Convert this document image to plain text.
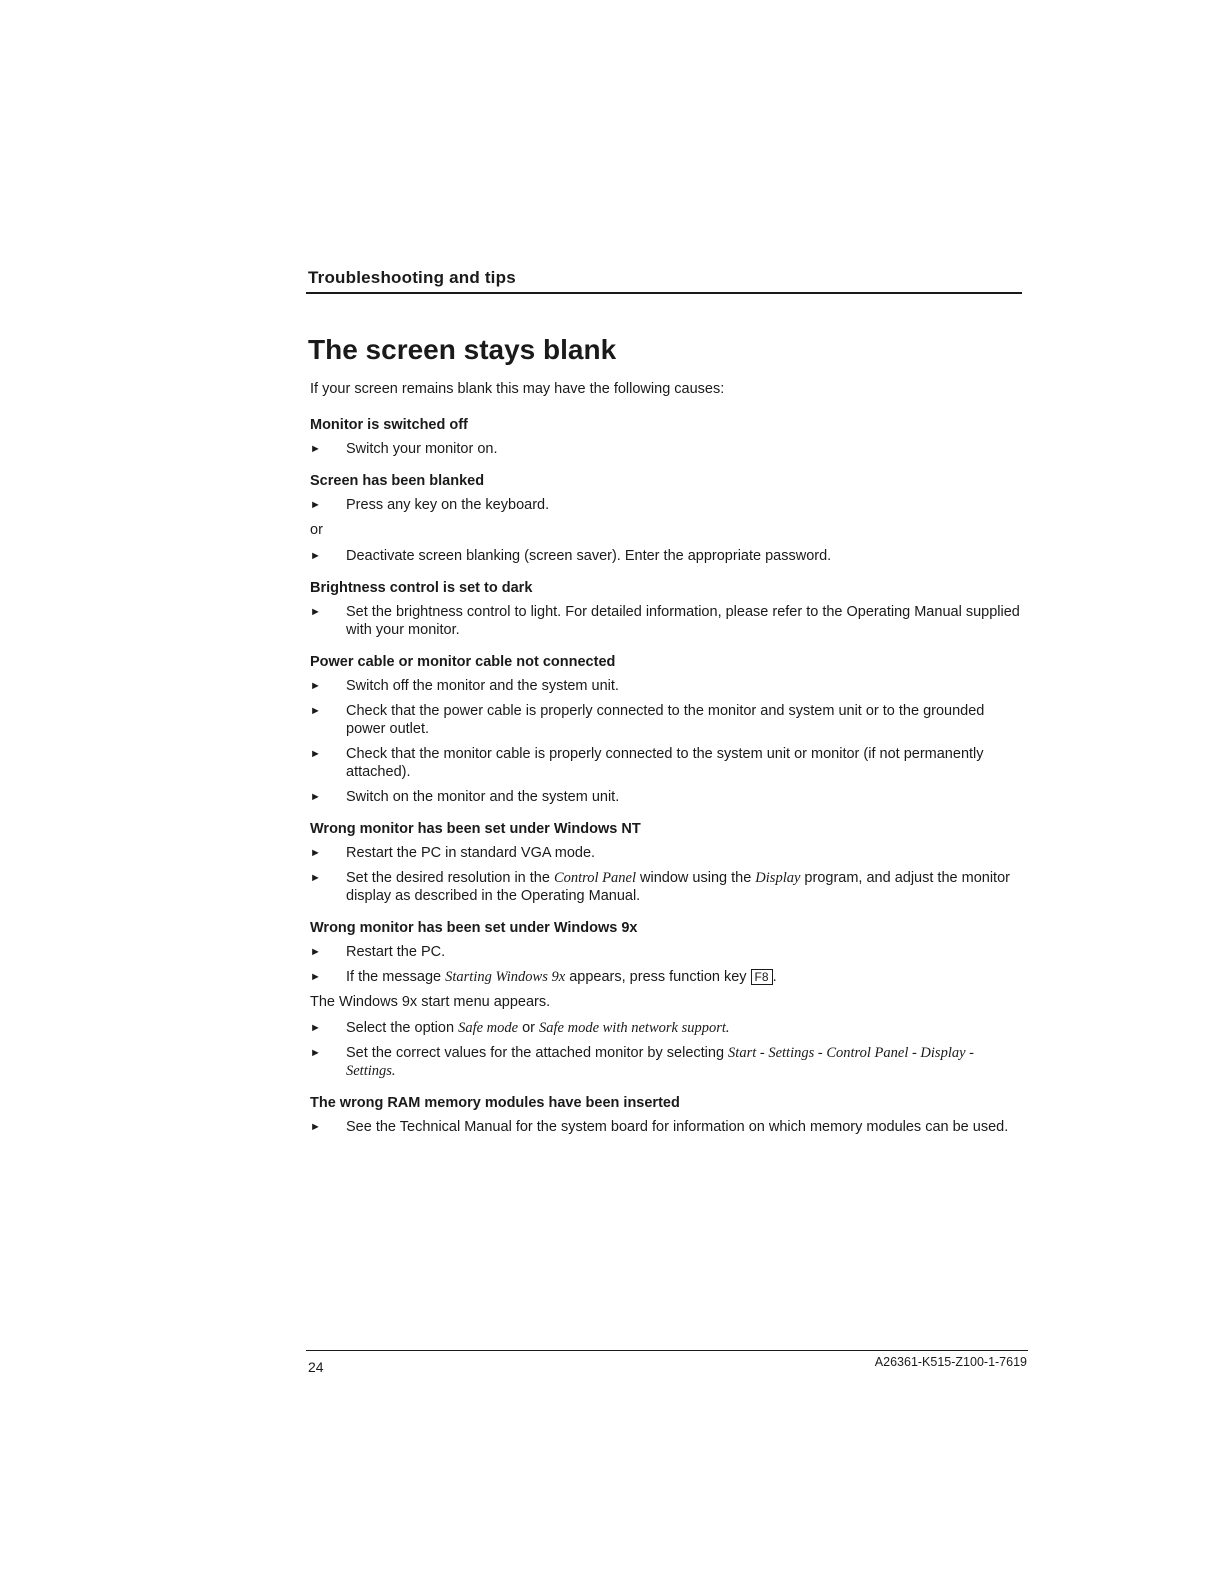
Troubleshooting and tips
The screen stays blank

If your screen remains blank this may have the following causes:

Monitor is switched off
► Switch your monitor on.
Screen has been blanked
► Press any key on the keyboard.
or
► Deactivate screen blanking (screen saver). Enter the appropriate password.
Brightness control is set to dark
► Set the brightness control to light. For detailed information, please refer to the Operating Manual supplied with your monitor.
Power cable or monitor cable not connected
► Switch off the monitor and the system unit.
► Check that the power cable is properly connected to the monitor and system unit or to the grounded power outlet.
► Check that the monitor cable is properly connected to the system unit or monitor (if not permanently attached).
► Switch on the monitor and the system unit.
Wrong monitor has been set under Windows NT
► Restart the PC in standard VGA mode.
► Set the desired resolution in the Control Panel window using the Display program, and adjust the monitor display as described in the Operating Manual.
Wrong monitor has been set under Windows 9x
► Restart the PC.
► If the message Starting Windows 9x appears, press function key F8 .
The Windows 9x start menu appears.
► Select the option Safe mode or Safe mode with network support.
► Set the correct values for the attached monitor by selecting Start - Settings - Control Panel - Display - Settings.
The wrong RAM memory modules have been inserted
► See the Technical Manual for the system board for information on which memory modules can be used.
24	A26361-K515-Z100-1-7619
